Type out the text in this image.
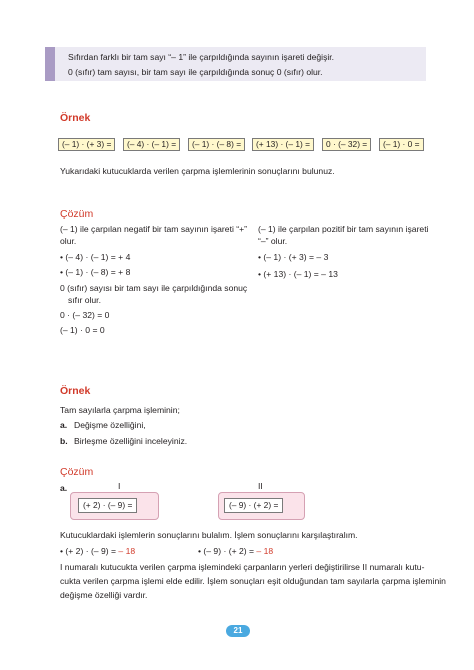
Sıfırdan farklı bir tam sayı “– 1” ile çarpıldığında sayının işareti değişir.
0 (sıfır) tam sayısı, bir tam sayı ile çarpıldığında sonuç 0 (sıfır) olur.
Örnek
(– 1) · (+ 3) =	(– 4) · (– 1) =	(– 1) · (– 8) =	(+ 13) · (– 1) =	0 · (– 32) =	(– 1) · 0 =
Yukarıdaki kutucuklarda verilen çarpma işlemlerinin sonuçlarını bulunuz.
Çözüm
(– 1) ile çarpılan negatif bir tam sayının işareti “+”
olur.
• (– 4) · (– 1) = + 4
• (– 1) · (– 8) = + 8
0 (sıfır) sayısı bir tam sayı ile çarpıldığında sonuç
sıfır olur.
0 · (– 32) = 0
(– 1) · 0 = 0
(– 1) ile çarpılan pozitif bir tam sayının işareti
“–” olur.
• (– 1) · (+ 3) = – 3
• (+ 13) · (– 1) = – 13
Örnek
Tam sayılarla çarpma işleminin;
a. Değişme özelliğini,
b. Birleşme özelliğini inceleyiniz.
Çözüm
a.	I	II
(+ 2) · (– 9) =	(– 9) · (+ 2) =
Kutucuklardaki işlemlerin sonuçlarını bulalım. İşlem sonuçlarını karşılaştıralım.
• (+ 2) · (– 9) = – 18	• (– 9) · (+ 2) = – 18
I numaralı kutucukta verilen çarpma işlemindeki çarpanların yerleri değiştirilirse II numaralı kutu-
cukta verilen çarpma işlemi elde edilir. İşlem sonuçları eşit olduğundan tam sayılarla çarpma işleminin
değişme özelliği vardır.
21
